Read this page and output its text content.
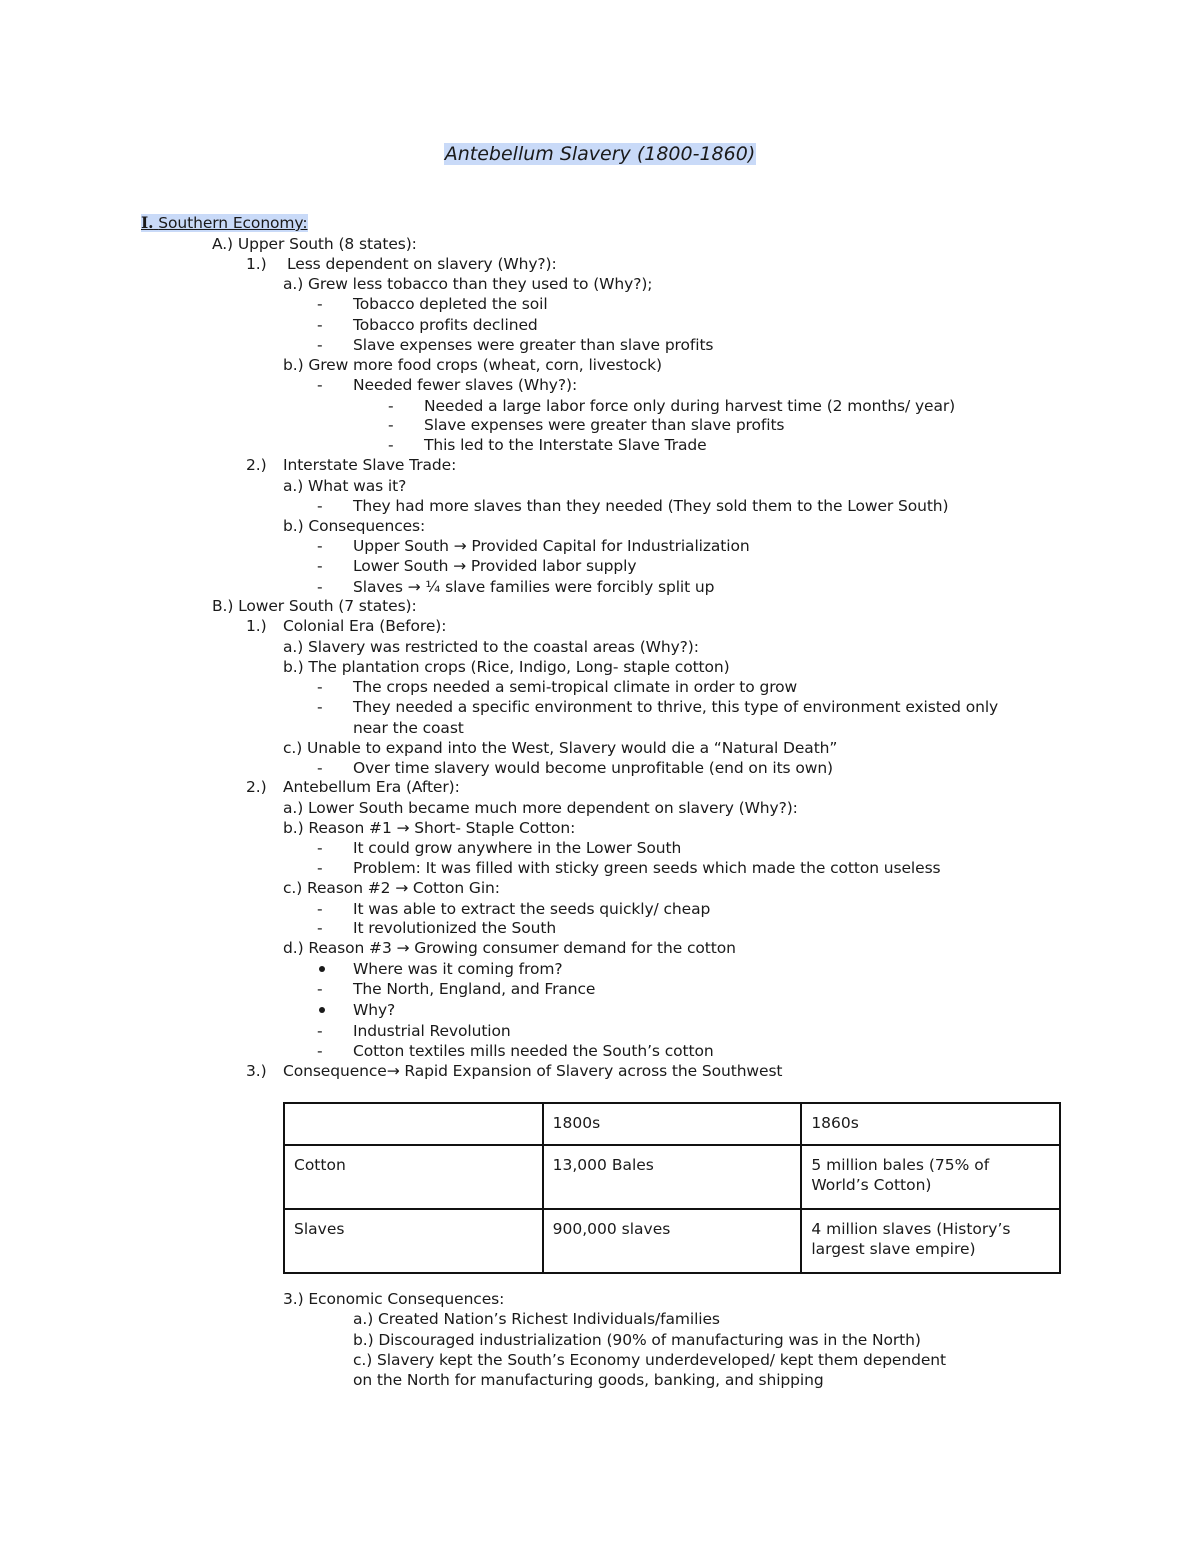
Antebellum Slavery (1800-1860)
I. Southern Economy:
A.) Upper South (8 states):
1.) Less dependent on slavery (Why?):
a.) Grew less tobacco than they used to (Why?);
- Tobacco depleted the soil
- Tobacco profits declined
- Slave expenses were greater than slave profits
b.) Grew more food crops (wheat, corn, livestock)
- Needed fewer slaves (Why?):
- Needed a large labor force only during harvest time (2 months/ year)
- Slave expenses were greater than slave profits
- This led to the Interstate Slave Trade
2.) Interstate Slave Trade:
a.) What was it?
- They had more slaves than they needed (They sold them to the Lower South)
b.) Consequences:
- Upper South → Provided Capital for Industrialization
- Lower South → Provided labor supply
- Slaves → ¼ slave families were forcibly split up
B.) Lower South (7 states):
1.) Colonial Era (Before):
a.) Slavery was restricted to the coastal areas (Why?):
b.) The plantation crops (Rice, Indigo, Long- staple cotton)
- The crops needed a semi-tropical climate in order to grow
- They needed a specific environment to thrive, this type of environment existed only
near the coast
c.) Unable to expand into the West, Slavery would die a “Natural Death”
- Over time slavery would become unprofitable (end on its own)
2.) Antebellum Era (After):
a.) Lower South became much more dependent on slavery (Why?):
b.) Reason #1 → Short- Staple Cotton:
- It could grow anywhere in the Lower South
- Problem: It was filled with sticky green seeds which made the cotton useless
c.) Reason #2 → Cotton Gin:
- It was able to extract the seeds quickly/ cheap
- It revolutionized the South
d.) Reason #3 → Growing consumer demand for the cotton
Where was it coming from?
- The North, England, and France
Why?
- Industrial Revolution
- Cotton textiles mills needed the South’s cotton
3.) Consequence→ Rapid Expansion of Slavery across the Southwest
	1800s	1860s
Cotton	13,000 Bales	5 million bales (75% of World’s Cotton)
Slaves	900,000 slaves	4 million slaves (History’s largest slave empire)
3.) Economic Consequences:
a.) Created Nation’s Richest Individuals/families
b.) Discouraged industrialization (90% of manufacturing was in the North)
c.) Slavery kept the South’s Economy underdeveloped/ kept them dependent
on the North for manufacturing goods, banking, and shipping
